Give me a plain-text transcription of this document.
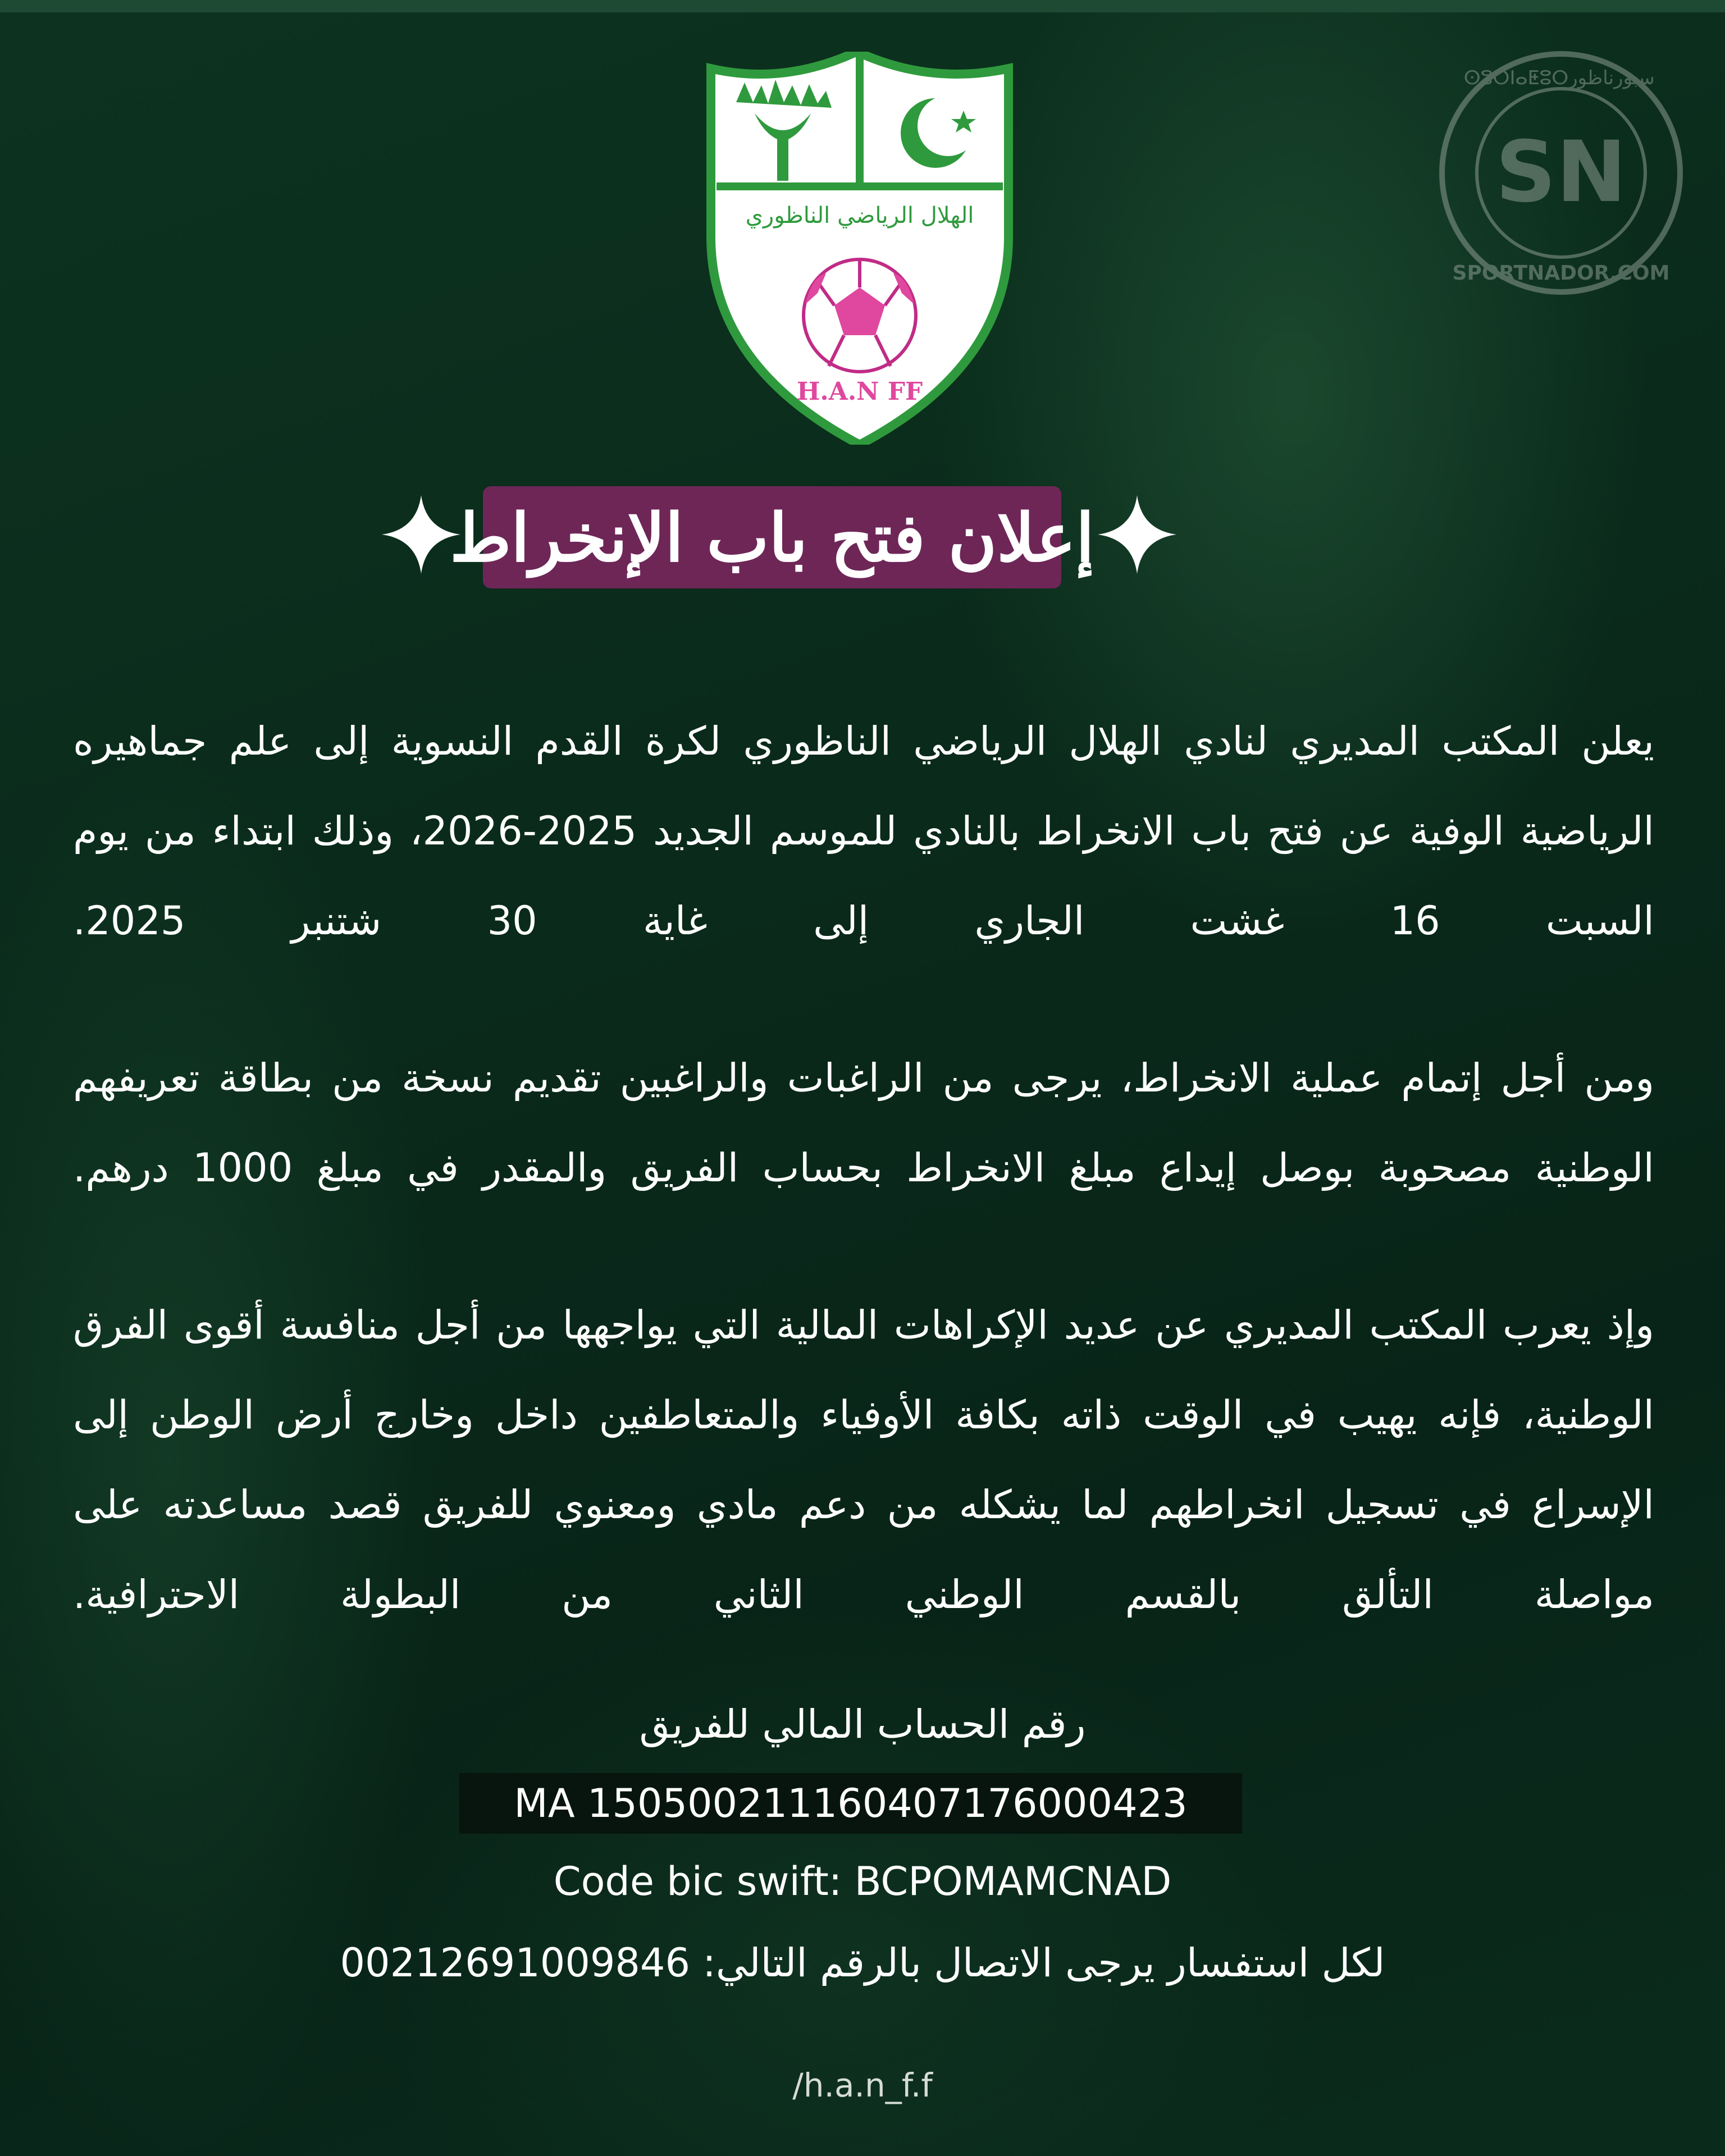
الهلال الرياضي الناظوري
H.A.N FF
SN
ⵙⵓⵔⵏⴰⵟⵓⵔ سبورناظور
SPORTNADOR.COM
إعلان فتح باب الإنخراط

يعلن المكتب المديري لنادي الهلال الرياضي الناظوري لكرة القدم النسوية إلى علم جماهيره الرياضية الوفية عن فتح باب الانخراط بالنادي للموسم الجديد 2025-2026، وذلك ابتداء من يوم السبت 16 غشت الجاري إلى غاية 30 شتنبر 2025.

ومن أجل إتمام عملية الانخراط، يرجى من الراغبات والراغبين تقديم نسخة من بطاقة تعريفهم الوطنية مصحوبة بوصل إيداع مبلغ الانخراط بحساب الفريق والمقدر في مبلغ 1000 درهم.

وإذ يعرب المكتب المديري عن عديد الإكراهات المالية التي يواجهها من أجل منافسة أقوى الفرق الوطنية، فإنه يهيب في الوقت ذاته بكافة الأوفياء والمتعاطفين داخل وخارج أرض الوطن إلى الإسراع في تسجيل انخراطهم لما يشكله من دعم مادي ومعنوي للفريق قصد مساعدته على مواصلة التألق بالقسم الوطني الثاني من البطولة الاحترافية.

رقم الحساب المالي للفريق
MA 150500211160407176000423
Code bic swift: BCPOMAMCNAD
لكل استفسار يرجى الاتصال بالرقم التالي: 00212691009846
/h.a.n_f.f
